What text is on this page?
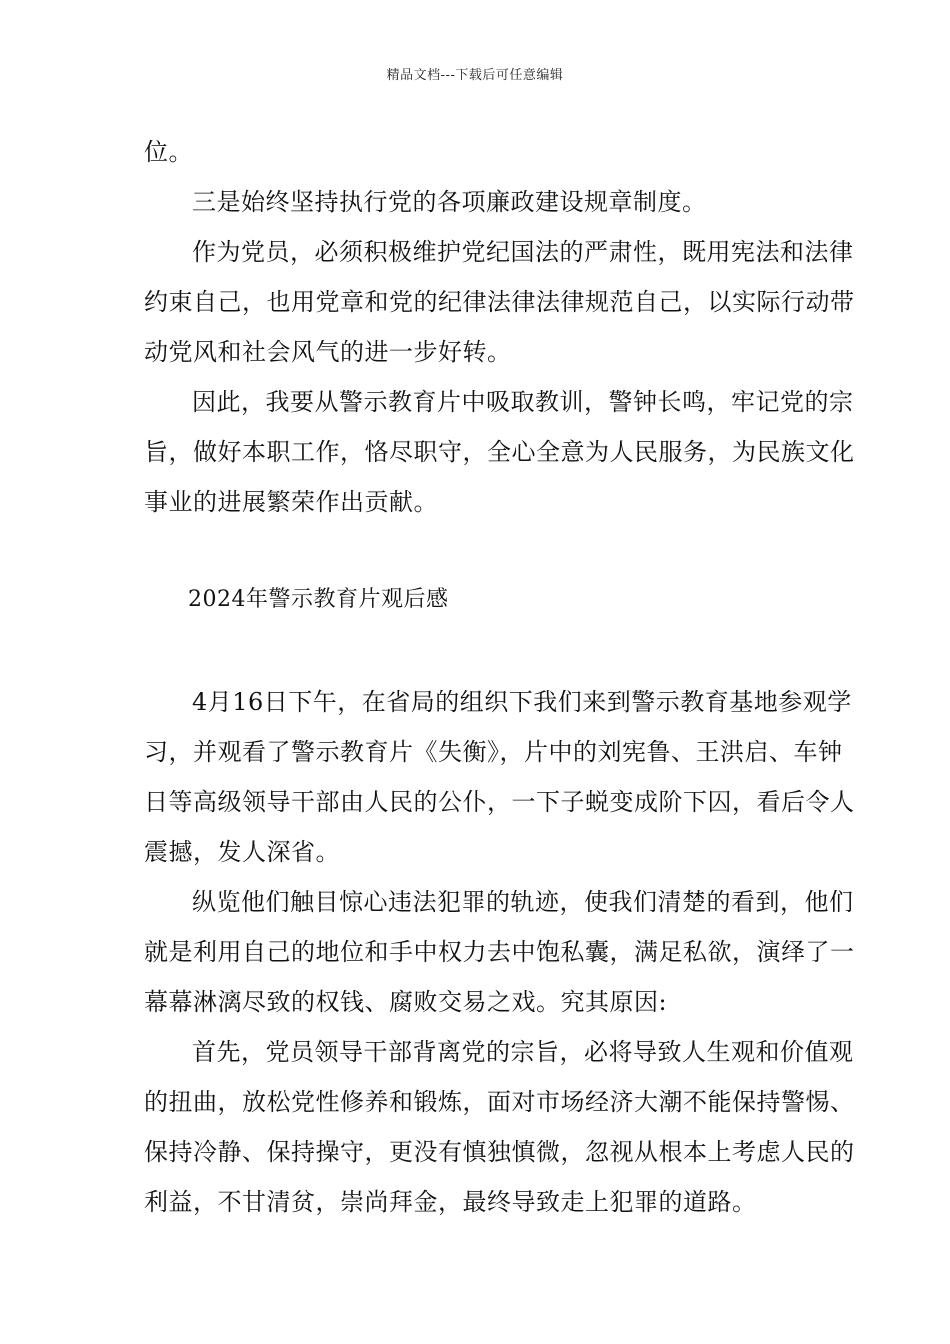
精品文档---下载后可任意编辑

位。

三是始终坚持执行党的各项廉政建设规章制度。

作为党员，必须积极维护党纪国法的严肃性，既用宪法和法律

约束自己，也用党章和党的纪律法律法律规范自己，以实际行动带

动党风和社会风气的进一步好转。

因此，我要从警示教育片中吸取教训，警钟长鸣，牢记党的宗

旨，做好本职工作，恪尽职守，全心全意为人民服务，为民族文化

事业的进展繁荣作出贡献。

2024年警示教育片观后感

4月16日下午，在省局的组织下我们来到警示教育基地参观学

习，并观看了警示教育片《失衡》，片中的刘宪鲁、王洪启、车钟

日等高级领导干部由人民的公仆，一下子蜕变成阶下囚，看后令人

震撼，发人深省。

纵览他们触目惊心违法犯罪的轨迹，使我们清楚的看到，他们

就是利用自己的地位和手中权力去中饱私囊，满足私欲，演绎了一

幕幕淋漓尽致的权钱、腐败交易之戏。究其原因:

首先，党员领导干部背离党的宗旨，必将导致人生观和价值观

的扭曲，放松党性修养和锻炼，面对市场经济大潮不能保持警惕、

保持冷静、保持操守，更没有慎独慎微，忽视从根本上考虑人民的

利益，不甘清贫，崇尚拜金，最终导致走上犯罪的道路。
